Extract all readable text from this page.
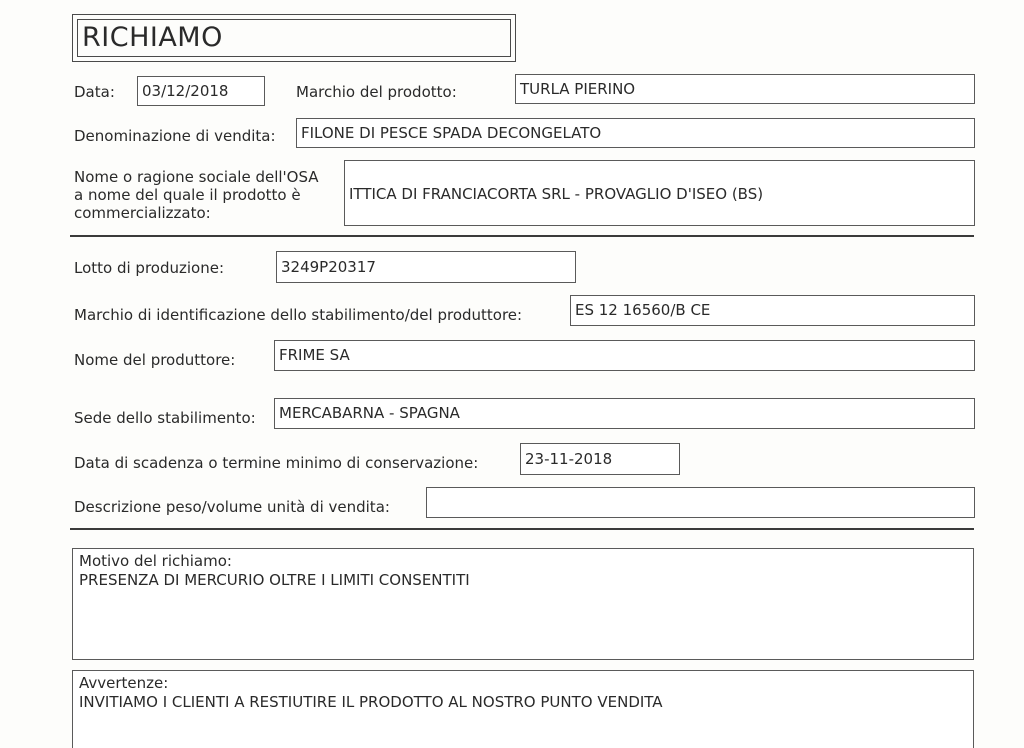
RICHIAMO
Data:	03/12/2018	Marchio del prodotto:	TURLA PIERINO
Denominazione di vendita:	FILONE DI PESCE SPADA DECONGELATO
Nome o ragione sociale dell'OSA
a nome del quale il prodotto è
commercializzato:
ITTICA DI FRANCIACORTA SRL - PROVAGLIO D'ISEO (BS)
Lotto di produzione:	3249P20317
Marchio di identificazione dello stabilimento/del produttore:	ES 12 16560/B CE
Nome del produttore:	FRIME SA
Sede dello stabilimento:	MERCABARNA - SPAGNA
Data di scadenza o termine minimo di conservazione:	23-11-2018
Descrizione peso/volume unità di vendita:
Motivo del richiamo:
PRESENZA DI MERCURIO OLTRE I LIMITI CONSENTITI
Avvertenze:
INVITIAMO I CLIENTI A RESTIUTIRE IL PRODOTTO AL NOSTRO PUNTO VENDITA
